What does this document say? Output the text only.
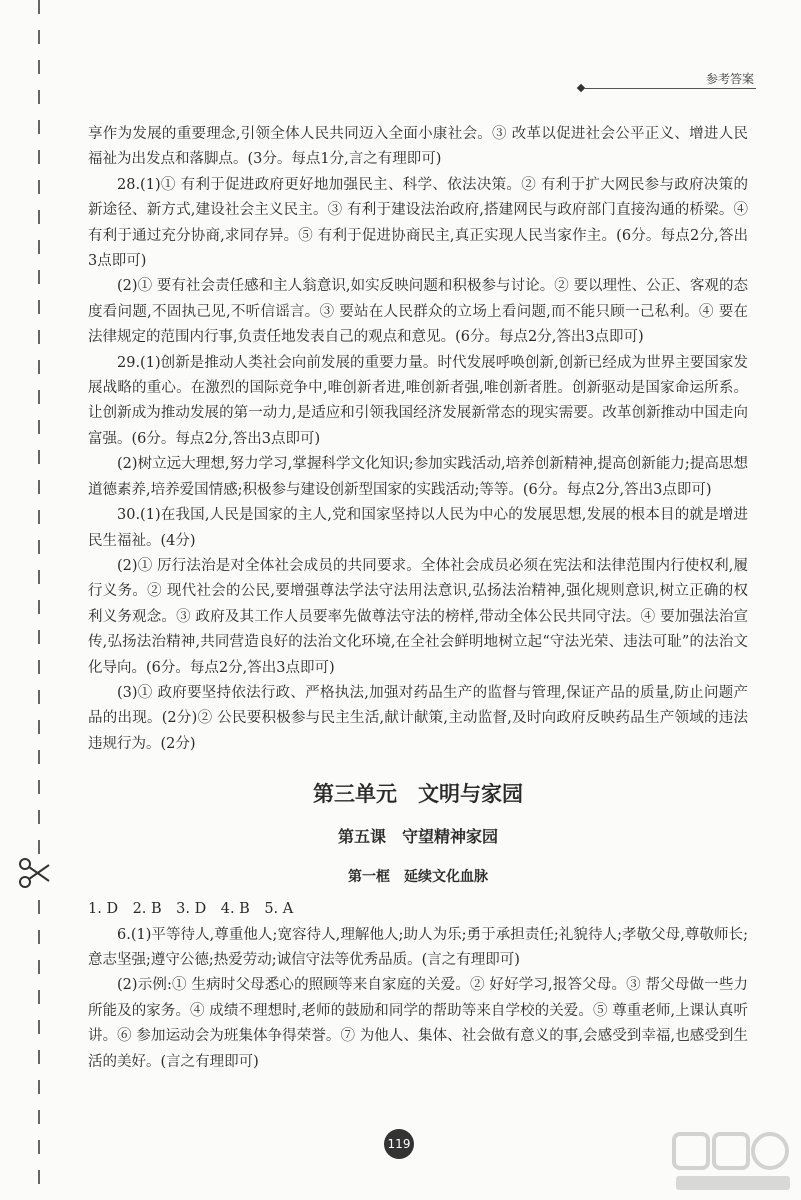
参考答案

享作为发展的重要理念,引领全体人民共同迈入全面小康社会。③ 改革以促进社会公平正义、增进人民福祉为出发点和落脚点。(3分。每点1分,言之有理即可)

28.(1)① 有利于促进政府更好地加强民主、科学、依法决策。② 有利于扩大网民参与政府决策的新途径、新方式,建设社会主义民主。③ 有利于建设法治政府,搭建网民与政府部门直接沟通的桥梁。④ 有利于通过充分协商,求同存异。⑤ 有利于促进协商民主,真正实现人民当家作主。(6分。每点2分,答出3点即可)

(2)① 要有社会责任感和主人翁意识,如实反映问题和积极参与讨论。② 要以理性、公正、客观的态度看问题,不固执己见,不听信谣言。③ 要站在人民群众的立场上看问题,而不能只顾一己私利。④ 要在法律规定的范围内行事,负责任地发表自己的观点和意见。(6分。每点2分,答出3点即可)

29.(1)创新是推动人类社会向前发展的重要力量。时代发展呼唤创新,创新已经成为世界主要国家发展战略的重心。在激烈的国际竞争中,唯创新者进,唯创新者强,唯创新者胜。创新驱动是国家命运所系。让创新成为推动发展的第一动力,是适应和引领我国经济发展新常态的现实需要。改革创新推动中国走向富强。(6分。每点2分,答出3点即可)

(2)树立远大理想,努力学习,掌握科学文化知识;参加实践活动,培养创新精神,提高创新能力;提高思想道德素养,培养爱国情感;积极参与建设创新型国家的实践活动;等等。(6分。每点2分,答出3点即可)

30.(1)在我国,人民是国家的主人,党和国家坚持以人民为中心的发展思想,发展的根本目的就是增进民生福祉。(4分)

(2)① 厉行法治是对全体社会成员的共同要求。全体社会成员必须在宪法和法律范围内行使权利,履行义务。② 现代社会的公民,要增强尊法学法守法用法意识,弘扬法治精神,强化规则意识,树立正确的权利义务观念。③ 政府及其工作人员要率先做尊法守法的榜样,带动全体公民共同守法。④ 要加强法治宣传,弘扬法治精神,共同营造良好的法治文化环境,在全社会鲜明地树立起“守法光荣、违法可耻”的法治文化导向。(6分。每点2分,答出3点即可)

(3)① 政府要坚持依法行政、严格执法,加强对药品生产的监督与管理,保证产品的质量,防止问题产品的出现。(2分)② 公民要积极参与民主生活,献计献策,主动监督,及时向政府反映药品生产领域的违法违规行为。(2分)

第三单元　文明与家园
第五课　守望精神家园
第一框　延续文化血脉

1. D　2. B　3. D　4. B　5. A

6.(1)平等待人,尊重他人;宽容待人,理解他人;助人为乐;勇于承担责任;礼貌待人;孝敬父母,尊敬师长;意志坚强;遵守公德;热爱劳动;诚信守法等优秀品质。(言之有理即可)

(2)示例:① 生病时父母悉心的照顾等来自家庭的关爱。② 好好学习,报答父母。③ 帮父母做一些力所能及的家务。④ 成绩不理想时,老师的鼓励和同学的帮助等来自学校的关爱。⑤ 尊重老师,上课认真听讲。⑥ 参加运动会为班集体争得荣誉。⑦ 为他人、集体、社会做有意义的事,会感受到幸福,也感受到生活的美好。(言之有理即可)

119
